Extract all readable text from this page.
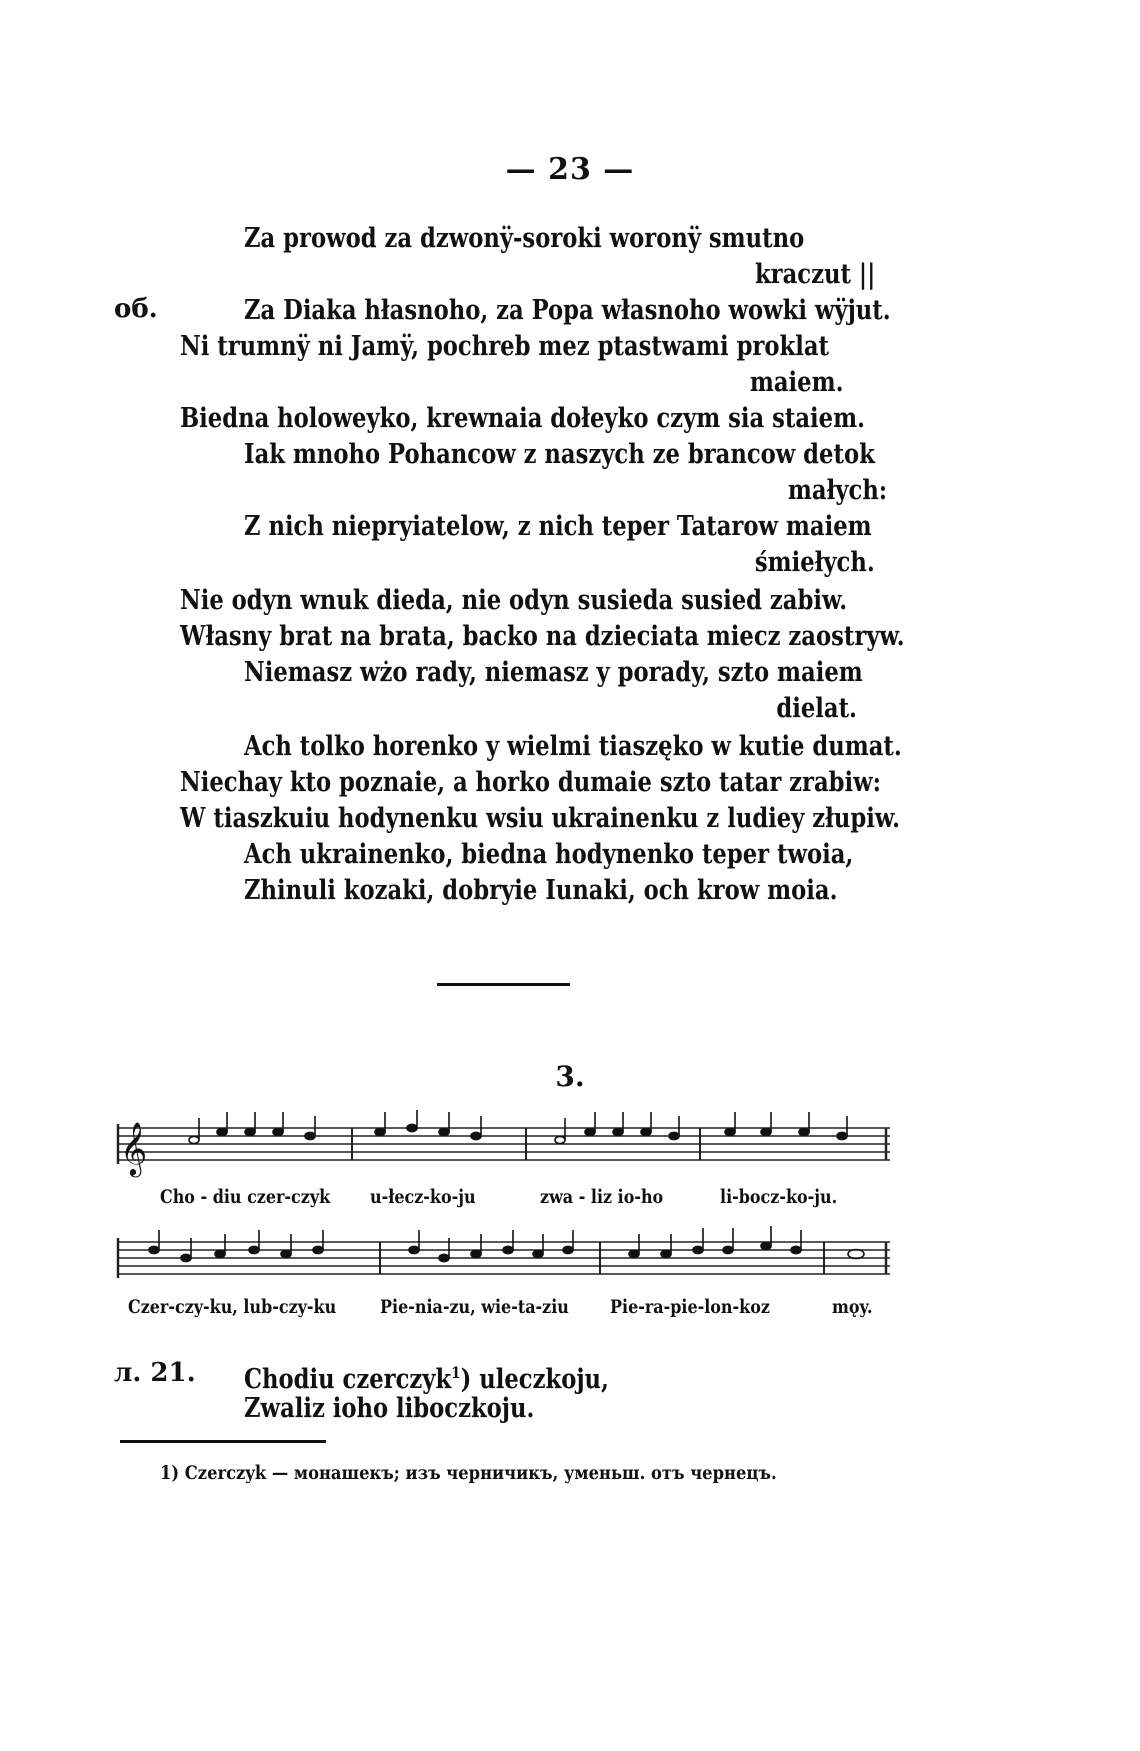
— 23 —
Za prowod za dzwonÿ-soroki woronÿ smutno
kraczut ||
об.	Za Diaka hłasnoho, za Popa własnoho wowki wÿjut.
Ni trumnÿ ni Jamÿ, pochreb mez ptastwami proklat
maiem.
Biedna holoweyko, krewnaia dołeyko czym sia staiem.
Iak mnoho Pohancow z naszych ze brancow detok
małych:
Z nich niepryiatelow, z nich teper Tatarow maiem
śmiełych.
Nie odyn wnuk dieda, nie odyn susieda susied zabiw.
Własny brat na brata, backo na dzieciata miecz zaostryw.
Niemasz wżo rady, niemasz y porady, szto maiem
dielat.
Ach tolko horenko y wielmi tiaszęko w kutie dumat.
Niechay kto poznaie, a horko dumaie szto tatar zrabiw:
W tiaszkuiu hodynenku wsiu ukrainenku z ludiey złupiw.
Ach ukrainenko, biedna hodynenko teper twoia,
Zhinuli kozaki, dobryie Iunaki, och krow moia.
3.
𝄞
Cho - diu czer-czyk u-łecz-ko-ju	zwa - liz io-ho	li-bocz-ko-ju.
Czer-czy-ku, lub-czy-ku Pie-nia-zu, wie-ta-ziu Pie-ra-pie-lon-koz	mǫy.
л. 21. Chodiu czerczyk$^1$) uleczkoju,
Zwaliz ioho liboczkoju.
1) Czerczyk — монашекъ; изъ черничикъ, уменьш. отъ чернецъ.
